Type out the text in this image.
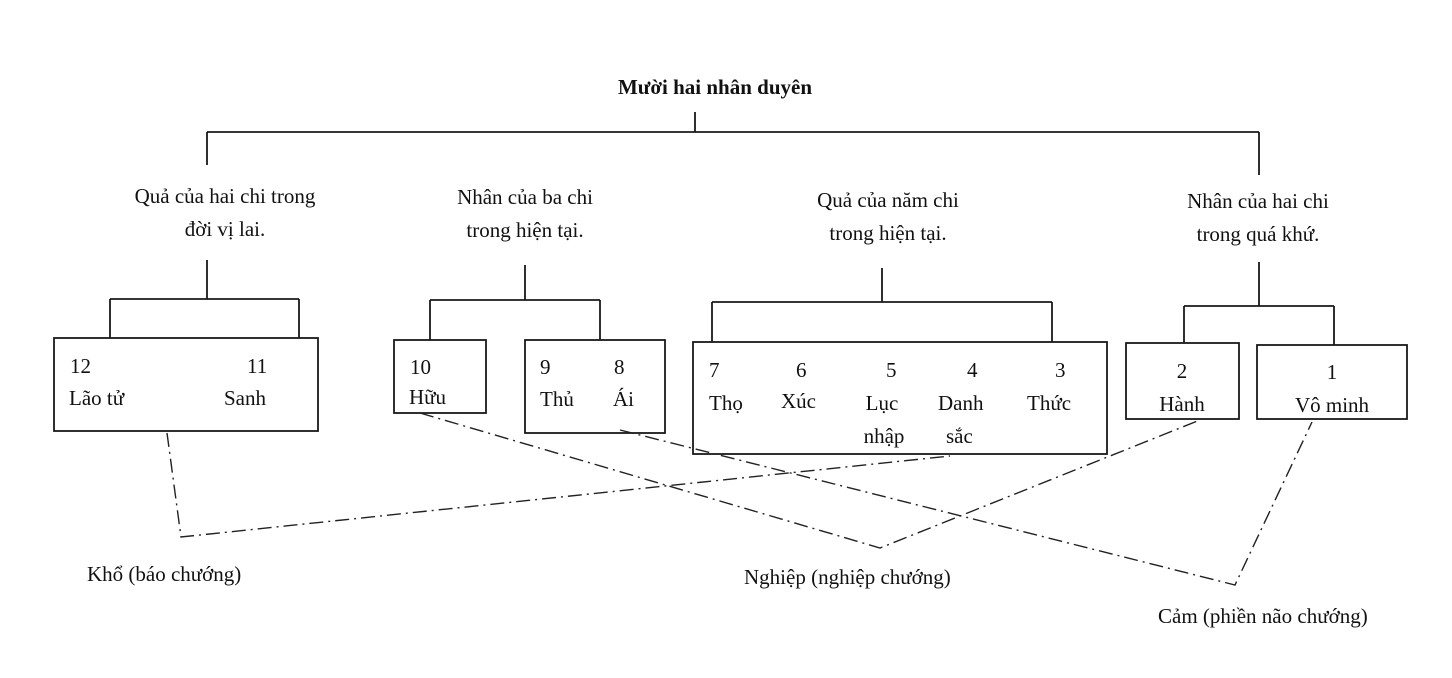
Mười hai nhân duyên
Quả của hai chi trong
đời vị lai.
Nhân của ba chi
trong hiện tại.
Quả của năm chi
trong hiện tại.
Nhân của hai chi
trong quá khứ.
12
Lão tử
11
Sanh
10
Hữu
9
Thủ
8
Ái
7
Thọ
6
Xúc
5
Lục
nhập
4
Danh
sắc
3
Thức
2
Hành
1
Vô minh
Khổ (báo chướng)	Nghiệp (nghiệp chướng)
Cảm (phiền não chướng)
